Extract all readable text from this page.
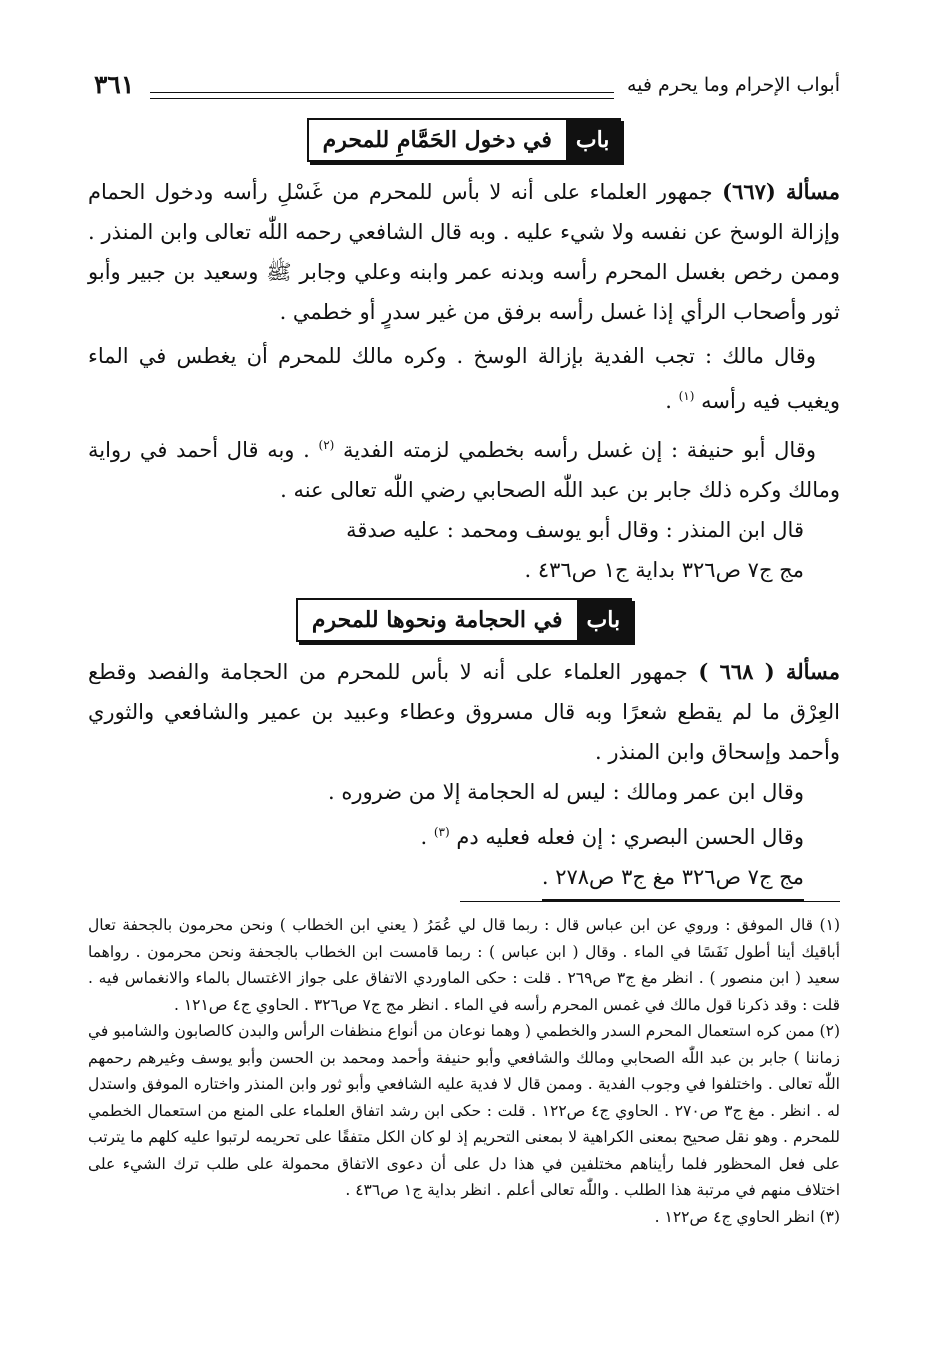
أبواب الإحرام وما يحرم فيه
٣٦١
باب
في دخول الحَمَّامِ للمحرم

مسألة (٦٦٧) جمهور العلماء على أنه لا بأس للمحرم من غَسْلِ رأسه ودخول الحمام وإزالة الوسخ عن نفسه ولا شيء عليه . وبه قال الشافعي رحمه اللّٰه تعالى وابن المنذر . وممن رخص بغسل المحرم رأسه وبدنه عمر وابنه وعلي وجابر ﷺ وسعيد بن جبير وأبو ثور وأصحاب الرأي إذا غسل رأسه برفق من غير سدرٍ أو خطمي .

وقال مالك : تجب الفدية بإزالة الوسخ . وكره مالك للمحرم أن يغطس في الماء ويغيب فيه رأسه $^{(١)}$ .

وقال أبو حنيفة : إن غسل رأسه بخطمي لزمته الفدية $^{(٢)}$ . وبه قال أحمد في رواية ومالك وكره ذلك جابر بن عبد اللّٰه الصحابي رضي اللّٰه تعالى عنه .

قال ابن المنذر : وقال أبو يوسف ومحمد : عليه صدقة

مج ج٧ ص٣٢٦ بداية ج١ ص٤٣٦ .

باب
في الحجامة ونحوها للمحرم

مسألة ( ٦٦٨ ) جمهور العلماء على أنه لا بأس للمحرم من الحجامة والفصد وقطع العِرْق ما لم يقطع شعرًا وبه قال مسروق وعطاء وعبيد بن عمير والشافعي والثوري وأحمد وإسحاق وابن المنذر .

وقال ابن عمر ومالك : ليس له الحجامة إلا من ضروره .

وقال الحسن البصري : إن فعله فعليه دم $^{(٣)}$ .

مج ج٧ ص٣٢٦ مغ ج٣ ص٢٧٨ .

(١) قال الموفق : وروي عن ابن عباس قال : ربما قال لي عُمَرُ ( يعني ابن الخطاب ) ونحن محرمون بالجحفة تعال أباقيك أينا أطول نَفَسًا في الماء . وقال ( ابن عباس ) : ربما قامست ابن الخطاب بالجحفة ونحن محرمون . رواهما سعيد ( ابن منصور ) . انظر مغ ج٣ ص٢٦٩ . قلت : حكى الماوردي الاتفاق على جواز الاغتسال بالماء والانغماس فيه . قلت : وقد ذكرنا قول مالك في غمس المحرم رأسه في الماء . انظر مج ج٧ ص٣٢٦ . الحاوي ج٤ ص١٢١ .

(٢) ممن كره استعمال المحرم السدر والخطمي ( وهما نوعان من أنواع منظفات الرأس والبدن كالصابون والشامبو في زماننا ) جابر بن عبد اللّٰه الصحابي ومالك والشافعي وأبو حنيفة وأحمد ومحمد بن الحسن وأبو يوسف وغيرهم رحمهم اللّٰه تعالى . واختلفوا في وجوب الفدية . وممن قال لا فدية عليه الشافعي وأبو ثور وابن المنذر واختاره الموفق واستدل له . انظر . مغ ج٣ ص٢٧٠ . الحاوي ج٤ ص١٢٢ . قلت : حكى ابن رشد اتفاق العلماء على المنع من استعمال الخطمي للمحرم . وهو نقل صحيح بمعنى الكراهية لا بمعنى التحريم إذ لو كان الكل متفقًا على تحريمه لرتبوا عليه كلهم ما يترتب على فعل المحظور فلما رأيناهم مختلفين في هذا دل على أن دعوى الاتفاق محمولة على طلب ترك الشيء على اختلاف منهم في مرتبة هذا الطلب . واللّٰه تعالى أعلم . انظر بداية ج١ ص٤٣٦ .

(٣) انظر الحاوي ج٤ ص١٢٢ .
